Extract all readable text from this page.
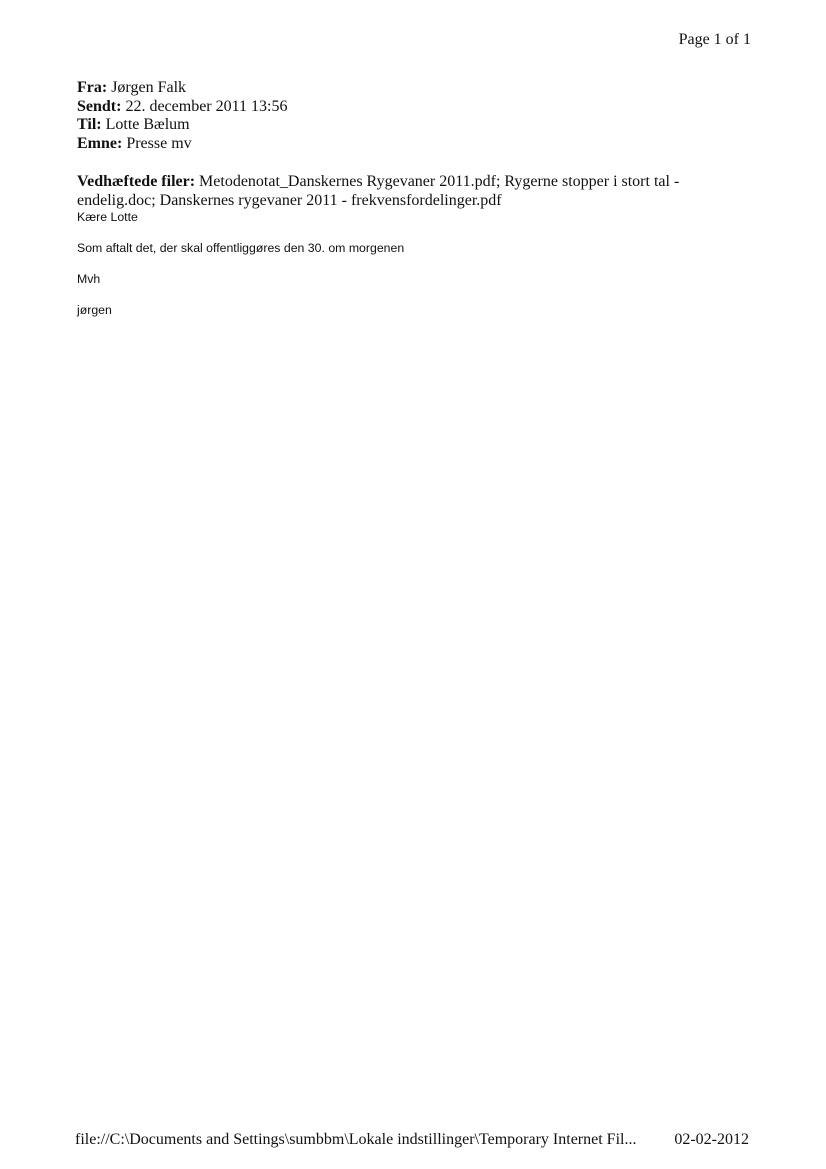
Page 1 of 1
Fra: Jørgen Falk
Sendt: 22. december 2011 13:56
Til: Lotte Bælum
Emne: Presse mv
Vedhæftede filer: Metodenotat_Danskernes Rygevaner 2011.pdf; Rygerne stopper i stort tal - endelig.doc; Danskernes rygevaner 2011 - frekvensfordelinger.pdf
Kære Lotte
Som aftalt det, der skal offentliggøres den 30. om morgenen
Mvh
jørgen
file://C:\Documents and Settings\sumbbm\Lokale indstillinger\Temporary Internet Fil... 02-02-2012
